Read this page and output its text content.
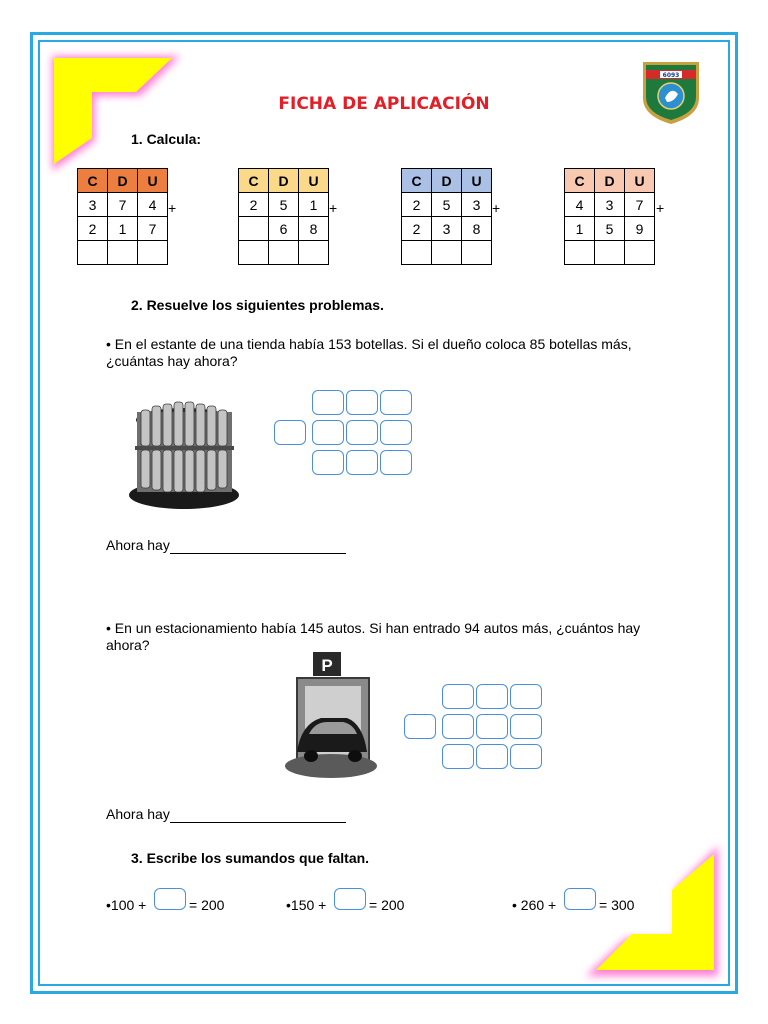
6093
FICHA DE APLICACIÓN
1. Calcula:
C	D	U
3	7	4
2	1	7

+
C	D	U
2	5	1
	6	8

+
C	D	U
2	5	3
2	3	8

+
C	D	U
4	3	7
1	5	9

+
2. Resuelve los siguientes problemas.
• En el estante de una tienda había 153 botellas. Si el dueño coloca 85 botellas más, ¿cuántas hay ahora?
Ahora hay
• En un estacionamiento había 145 autos. Si han entrado 94 autos más, ¿cuántos hay ahora?
P
Ahora hay
3. Escribe los sumandos que faltan.
•100 +	= 200	•150 +	= 200	• 260 +	= 300
